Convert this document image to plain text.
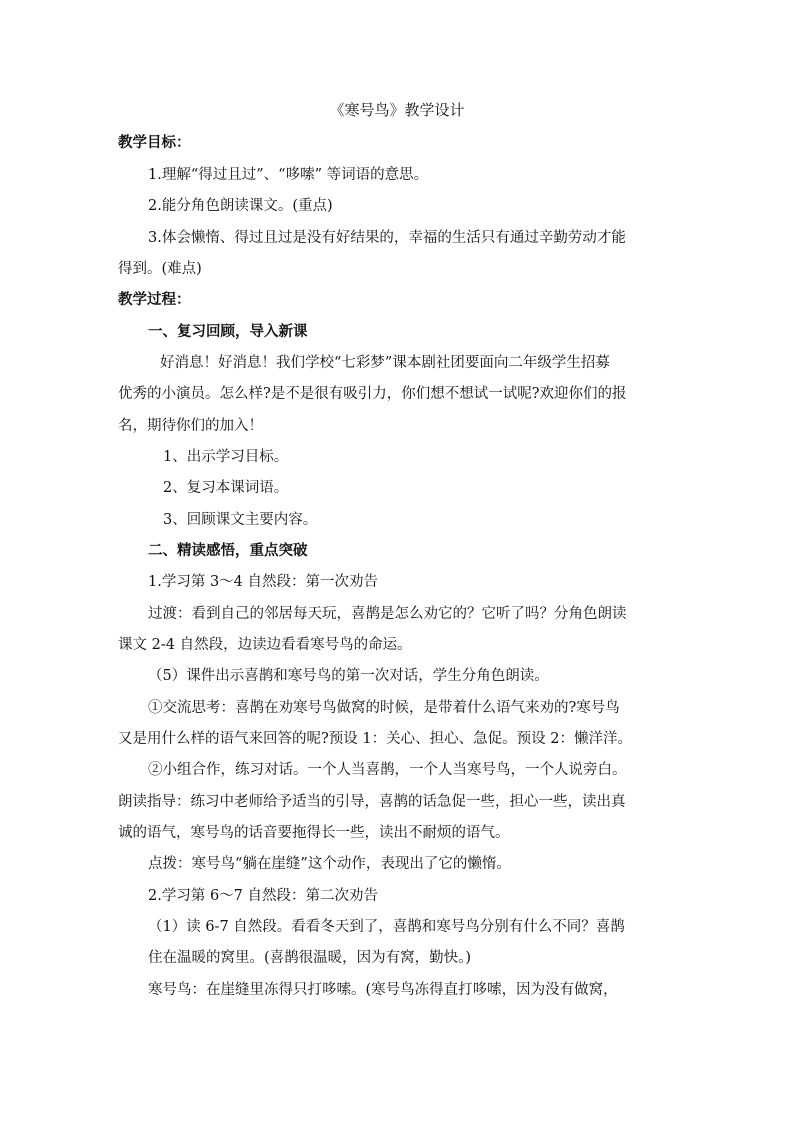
《寒号鸟》教学设计
教学目标：
1.理解“得过且过”、“哆嗦” 等词语的意思。
2.能分角色朗读课文。(重点)
3.体会懒惰、得过且过是没有好结果的，幸福的生活只有通过辛勤劳动才能
得到。(难点)
教学过程：
一、复习回顾，导入新课
好消息！好消息！我们学校“七彩梦”课本剧社团要面向二年级学生招募
优秀的小演员。怎么样?是不是很有吸引力，你们想不想试一试呢?欢迎你们的报
名，期待你们的加入！
1、出示学习目标。
2、复习本课词语。
3、回顾课文主要内容。
二、精读感悟，重点突破
1.学习第 3～4 自然段：第一次劝告
过渡：看到自己的邻居每天玩，喜鹊是怎么劝它的？它听了吗？分角色朗读
课文 2-4 自然段，边读边看看寒号鸟的命运。
（5）课件出示喜鹊和寒号鸟的第一次对话，学生分角色朗读。
①交流思考：喜鹊在劝寒号鸟做窝的时候，是带着什么语气来劝的?寒号鸟
又是用什么样的语气来回答的呢?预设 1：关心、担心、急促。预设 2：懒洋洋。
②小组合作，练习对话。一个人当喜鹊，一个人当寒号鸟，一个人说旁白。
朗读指导：练习中老师给予适当的引导，喜鹊的话急促一些，担心一些，读出真
诚的语气，寒号鸟的话音要拖得长一些，读出不耐烦的语气。
点拨：寒号鸟“躺在崖缝”这个动作，表现出了它的懒惰。
2.学习第 6～7 自然段：第二次劝告
（1）读 6-7 自然段。看看冬天到了，喜鹊和寒号鸟分别有什么不同？喜鹊
住在温暖的窝里。(喜鹊很温暖，因为有窝，勤快。)
寒号鸟：在崖缝里冻得只打哆嗦。(寒号鸟冻得直打哆嗦，因为没有做窝，
